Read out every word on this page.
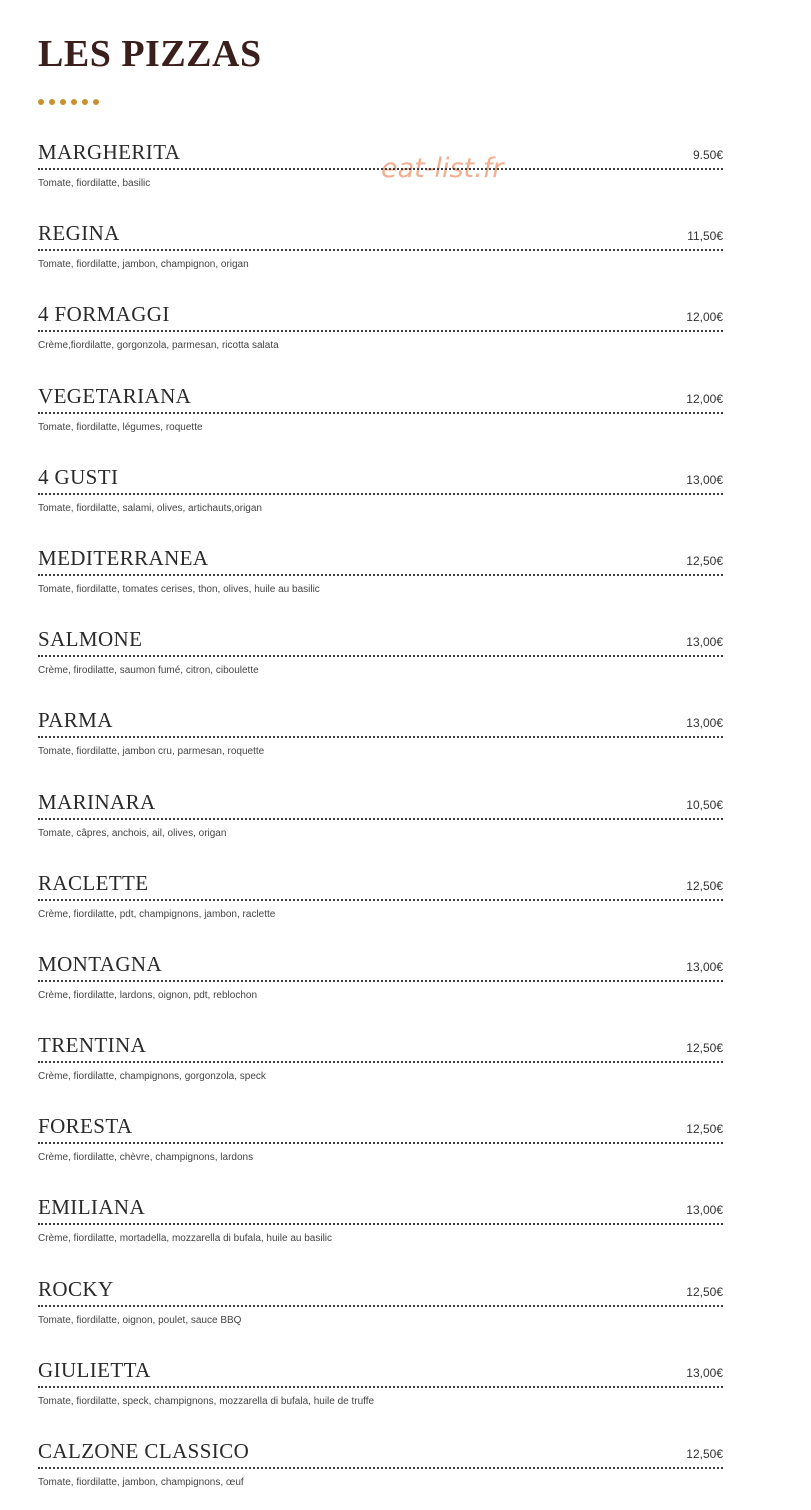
LES PIZZAS
eat-list.fr
MARGHERITA	9.50€
Tomate, fiordilatte, basilic
REGINA	11,50€
Tomate, fiordilatte, jambon, champignon, origan
4 FORMAGGI	12,00€
Crème,fiordilatte, gorgonzola, parmesan, ricotta salata
VEGETARIANA	12,00€
Tomate, fiordilatte, légumes, roquette
4 GUSTI	13,00€
Tomate, fiordilatte, salami, olives, artichauts,origan
MEDITERRANEA	12,50€
Tomate, fiordilatte, tomates cerises, thon, olives, huile au basilic
SALMONE	13,00€
Crème, firodilatte, saumon fumé, citron, ciboulette
PARMA	13,00€
Tomate, fiordilatte, jambon cru, parmesan, roquette
MARINARA	10,50€
Tomate, câpres, anchois, ail, olives, origan
RACLETTE	12,50€
Crème, fiordilatte, pdt, champignons, jambon, raclette
MONTAGNA	13,00€
Crème, fiordilatte, lardons, oignon, pdt, reblochon
TRENTINA	12,50€
Crème, fiordilatte, champignons, gorgonzola, speck
FORESTA	12,50€
Crème, fiordilatte, chèvre, champignons, lardons
EMILIANA	13,00€
Crème, fiordilatte, mortadella, mozzarella di bufala, huile au basilic
ROCKY	12,50€
Tomate, fiordilatte, oignon, poulet, sauce BBQ
GIULIETTA	13,00€
Tomate, fiordilatte, speck, champignons, mozzarella di bufala, huile de truffe
CALZONE CLASSICO	12,50€
Tomate, fiordilatte, jambon, champignons, œuf
